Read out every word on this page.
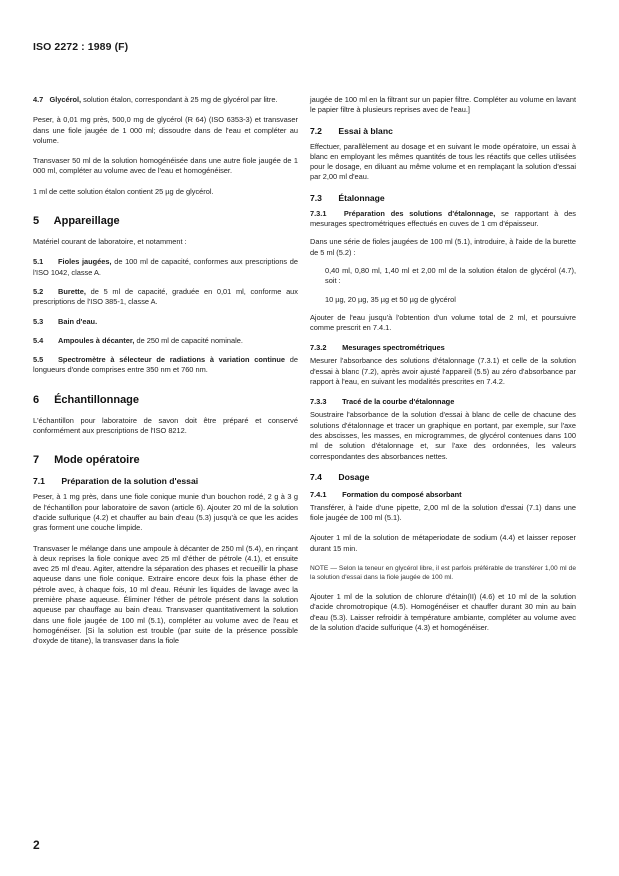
ISO 2272 : 1989 (F)

4.7 Glycérol, solution étalon, correspondant à 25 mg de glycérol par litre.

Peser, à 0,01 mg près, 500,0 mg de glycérol (R 64) (ISO 6353-3) et transvaser dans une fiole jaugée de 1 000 ml; dissoudre dans de l'eau et compléter au volume.

Transvaser 50 ml de la solution homogénéisée dans une autre fiole jaugée de 1 000 ml, compléter au volume avec de l'eau et homogénéiser.

1 ml de cette solution étalon contient 25 µg de glycérol.

5 Appareillage

Matériel courant de laboratoire, et notamment :

5.1 Fioles jaugées, de 100 ml de capacité, conformes aux prescriptions de l'ISO 1042, classe A.

5.2 Burette, de 5 ml de capacité, graduée en 0,01 ml, conforme aux prescriptions de l'ISO 385-1, classe A.

5.3 Bain d'eau.

5.4 Ampoules à décanter, de 250 ml de capacité nominale.

5.5 Spectromètre à sélecteur de radiations à variation continue de longueurs d'onde comprises entre 350 nm et 760 nm.

6 Échantillonnage

L'échantillon pour laboratoire de savon doit être préparé et conservé conformément aux prescriptions de l'ISO 8212.

7 Mode opératoire
7.1 Préparation de la solution d'essai

Peser, à 1 mg près, dans une fiole conique munie d'un bouchon rodé, 2 g à 3 g de l'échantillon pour laboratoire de savon (article 6). Ajouter 20 ml de la solution d'acide sulfurique (4.2) et chauffer au bain d'eau (5.3) jusqu'à ce que les acides gras forment une couche limpide.

Transvaser le mélange dans une ampoule à décanter de 250 ml (5.4), en rinçant à deux reprises la fiole conique avec 25 ml d'éther de pétrole (4.1), et ensuite avec 25 ml d'eau. Agiter, attendre la séparation des phases et recueillir la phase aqueuse dans une fiole conique. Extraire encore deux fois la phase éther de pétrole avec, à chaque fois, 10 ml d'eau. Réunir les liquides de lavage avec la première phase aqueuse. Éliminer l'éther de pétrole présent dans la solution aqueuse par chauffage au bain d'eau. Transvaser quantitativement la solution dans une fiole jaugée de 100 ml (5.1), compléter au volume avec de l'eau et homogénéiser. [Si la solution est trouble (par suite de la présence possible d'oxyde de titane), la transvaser dans la fiole

jaugée de 100 ml en la filtrant sur un papier filtre. Compléter au volume en lavant le papier filtre à plusieurs reprises avec de l'eau.]

7.2 Essai à blanc

Effectuer, parallèlement au dosage et en suivant le mode opératoire, un essai à blanc en employant les mêmes quantités de tous les réactifs que celles utilisées pour le dosage, en diluant au même volume et en remplaçant la solution d'essai par 2,00 ml d'eau.

7.3 Étalonnage

7.3.1 Préparation des solutions d'étalonnage, se rapportant à des mesurages spectrométriques effectués en cuves de 1 cm d'épaisseur.

Dans une série de fioles jaugées de 100 ml (5.1), introduire, à l'aide de la burette de 5 ml (5.2) :

0,40 ml, 0,80 ml, 1,40 ml et 2,00 ml de la solution étalon de glycérol (4.7), soit :

10 µg, 20 µg, 35 µg et 50 µg de glycérol

Ajouter de l'eau jusqu'à l'obtention d'un volume total de 2 ml, et poursuivre comme prescrit en 7.4.1.

7.3.2 Mesurages spectrométriques

Mesurer l'absorbance des solutions d'étalonnage (7.3.1) et celle de la solution d'essai à blanc (7.2), après avoir ajusté l'appareil (5.5) au zéro d'absorbance par rapport à l'eau, en suivant les modalités prescrites en 7.4.2.

7.3.3 Tracé de la courbe d'étalonnage

Soustraire l'absorbance de la solution d'essai à blanc de celle de chacune des solutions d'étalonnage et tracer un graphique en portant, par exemple, sur l'axe des abscisses, les masses, en microgrammes, de glycérol contenues dans 100 ml de solution d'étalonnage et, sur l'axe des ordonnées, les valeurs correspondantes des absorbances nettes.

7.4 Dosage
7.4.1 Formation du composé absorbant

Transférer, à l'aide d'une pipette, 2,00 ml de la solution d'essai (7.1) dans une fiole jaugée de 100 ml (5.1).

Ajouter 1 ml de la solution de métaperiodate de sodium (4.4) et laisser reposer durant 15 min.

NOTE — Selon la teneur en glycérol libre, il est parfois préférable de transférer 1,00 ml de la solution d'essai dans la fiole jaugée de 100 ml.

Ajouter 1 ml de la solution de chlorure d'étain(II) (4.6) et 10 ml de la solution d'acide chromotropique (4.5). Homogénéiser et chauffer durant 30 min au bain d'eau (5.3). Laisser refroidir à température ambiante, compléter au volume avec de la solution d'acide sulfurique (4.3) et homogénéiser.

2
